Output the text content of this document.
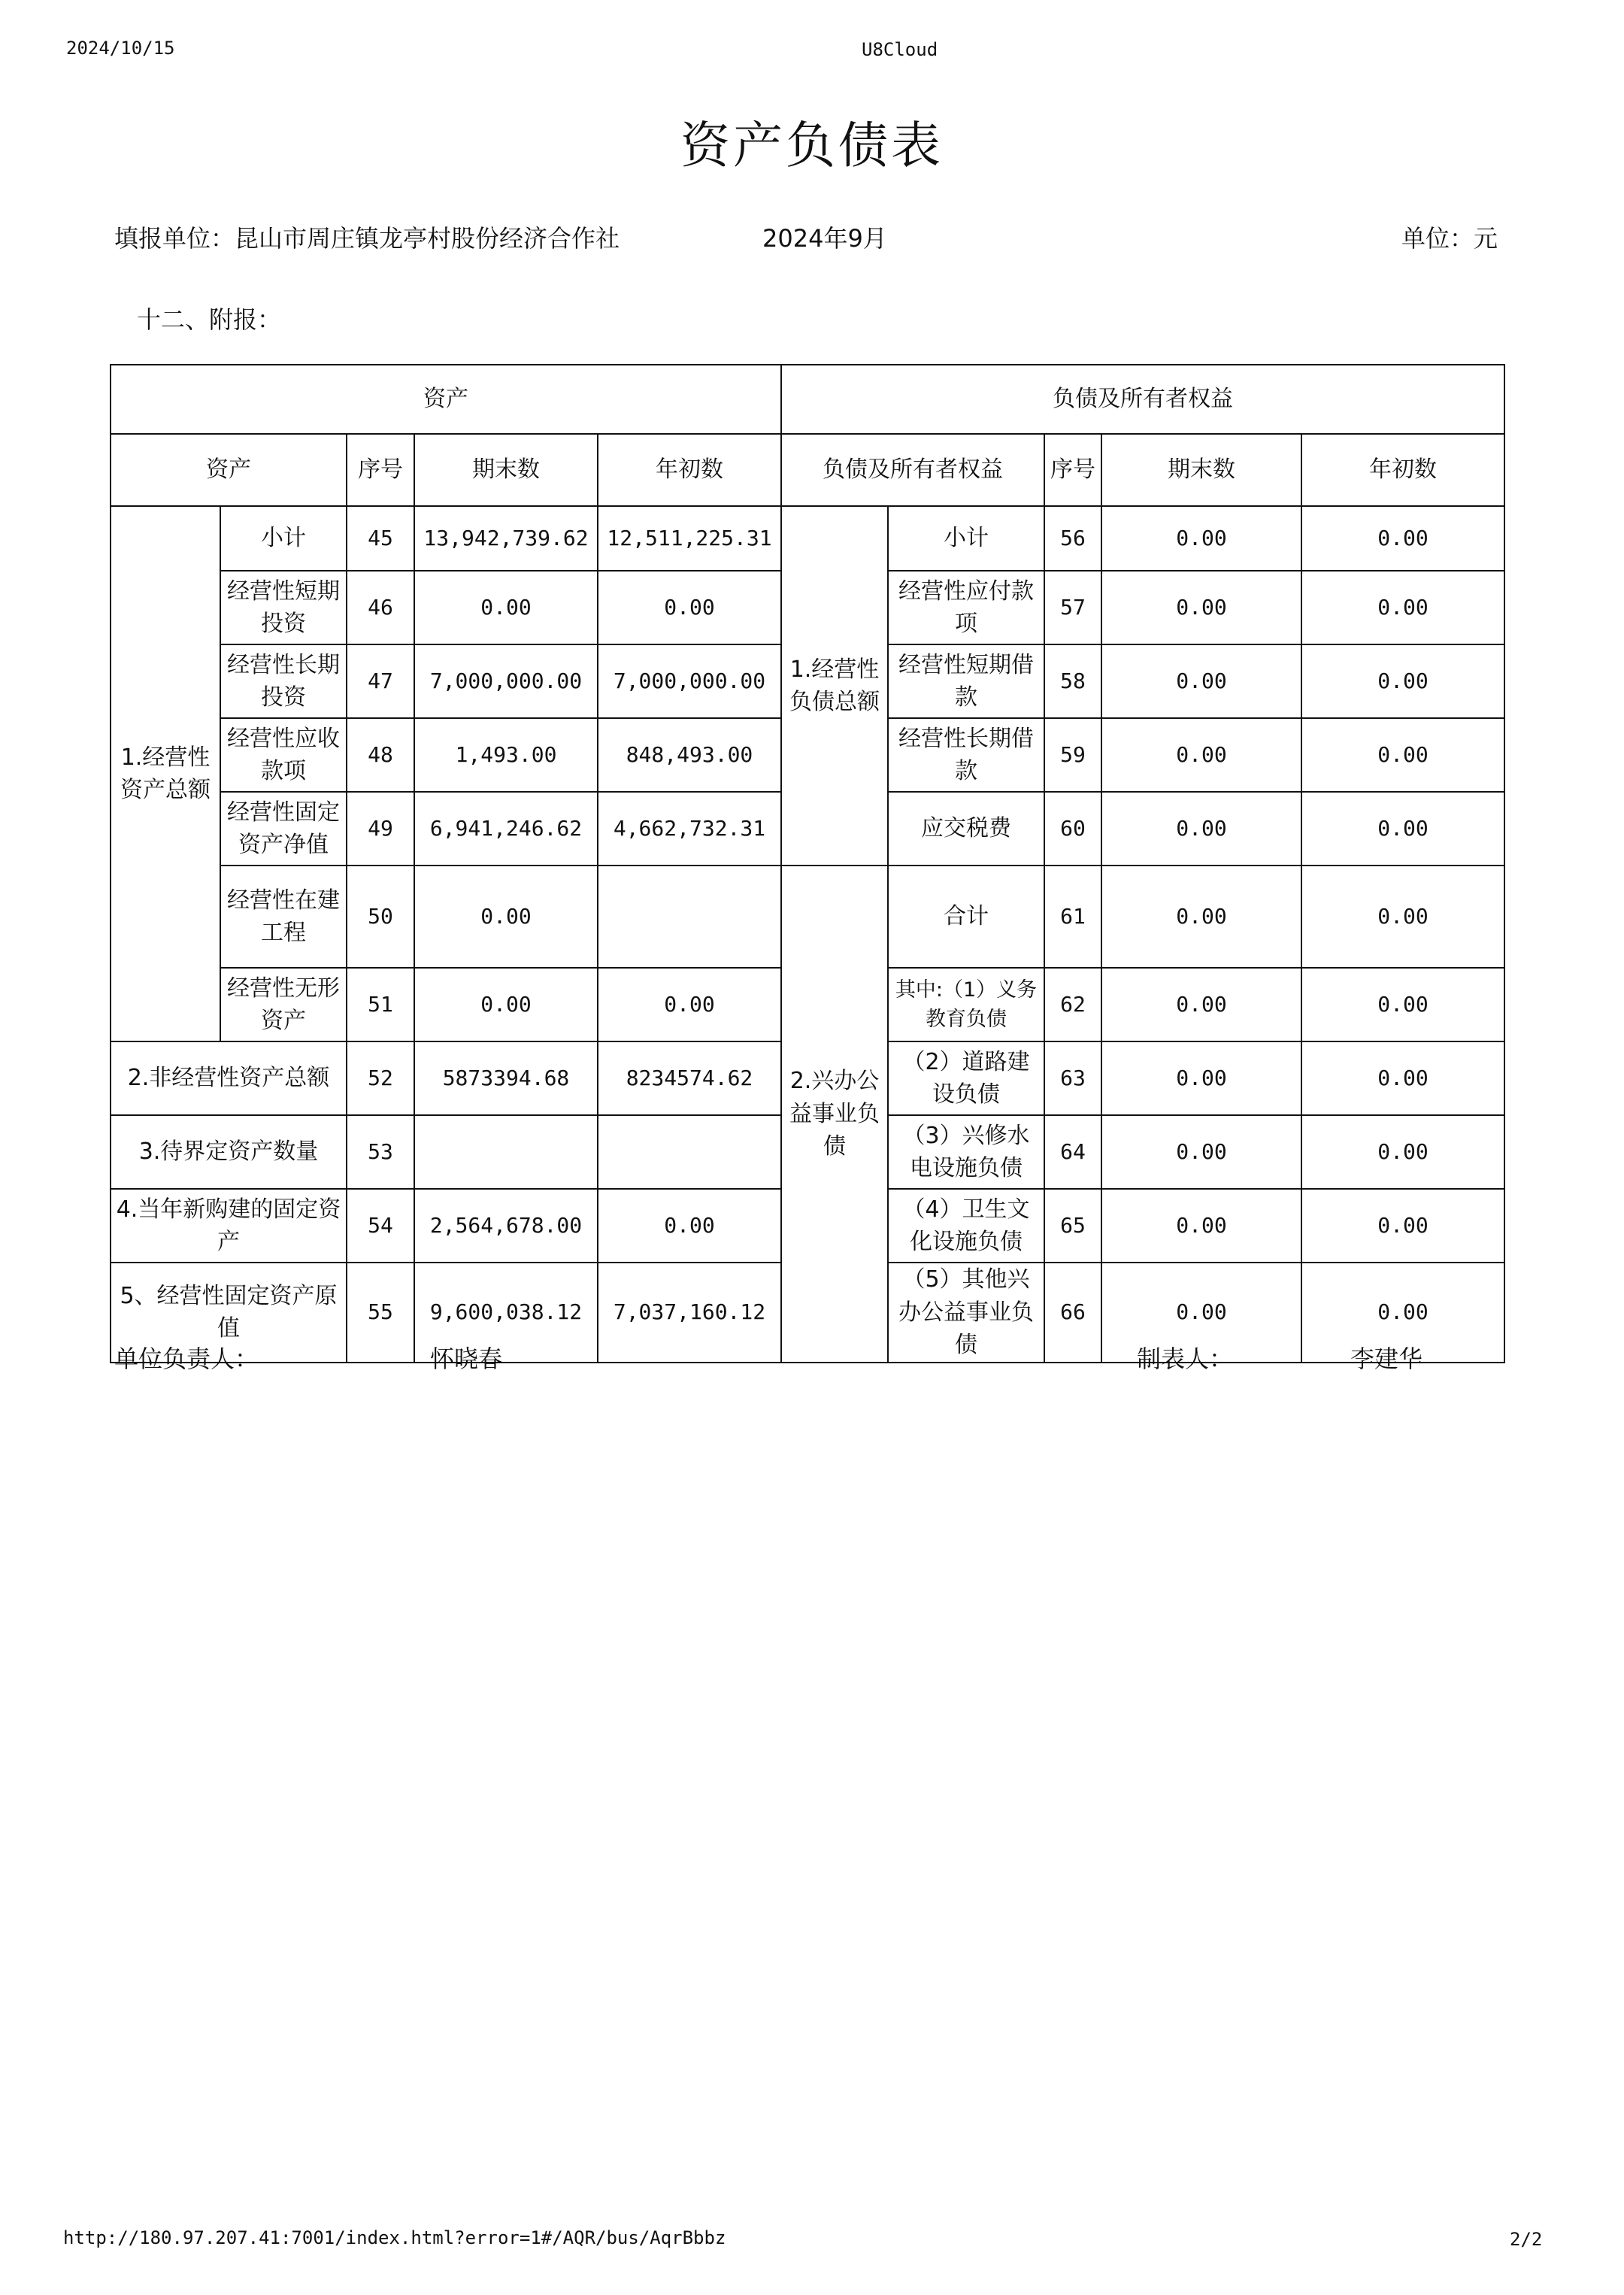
2024/10/15	U8Cloud
资产负债表
填报单位：昆山市周庄镇龙亭村股份经济合作社	2024年9月	单位：元
十二、附报：
资产					负债及所有者权益				
资产		序号	期末数	年初数	负债及所有者权益		序号	期末数	年初数
1.经营性资产总额	小计	45	13,942,739.62	12,511,225.31	1.经营性负债总额	小计	56	0.00	0.00
	经营性短期投资	46	0.00	0.00		经营性应付款项	57	0.00	0.00
	经营性长期投资	47	7,000,000.00	7,000,000.00		经营性短期借款	58	0.00	0.00
	经营性应收款项	48	1,493.00	848,493.00		经营性长期借款	59	0.00	0.00
	经营性固定资产净值	49	6,941,246.62	4,662,732.31		应交税费	60	0.00	0.00
	经营性在建工程	50	0.00		2.兴办公益事业负债	合计	61	0.00	0.00
	经营性无形资产	51	0.00	0.00		其中:（1）义务教育负债	62	0.00	0.00
2.非经营性资产总额		52	5873394.68	8234574.62		（2）道路建设负债	63	0.00	0.00
3.待界定资产数量		53				（3）兴修水电设施负债	64	0.00	0.00
4.当年新购建的固定资产		54	2,564,678.00	0.00		（4）卫生文化设施负债	65	0.00	0.00
5、经营性固定资产原值		55	9,600,038.12	7,037,160.12		（5）其他兴办公益事业负债	66	0.00	0.00
单位负责人：	怀晓春	制表人：	李建华
http://180.97.207.41:7001/index.html?error=1#/AQR/bus/AqrBbbz	2/2
